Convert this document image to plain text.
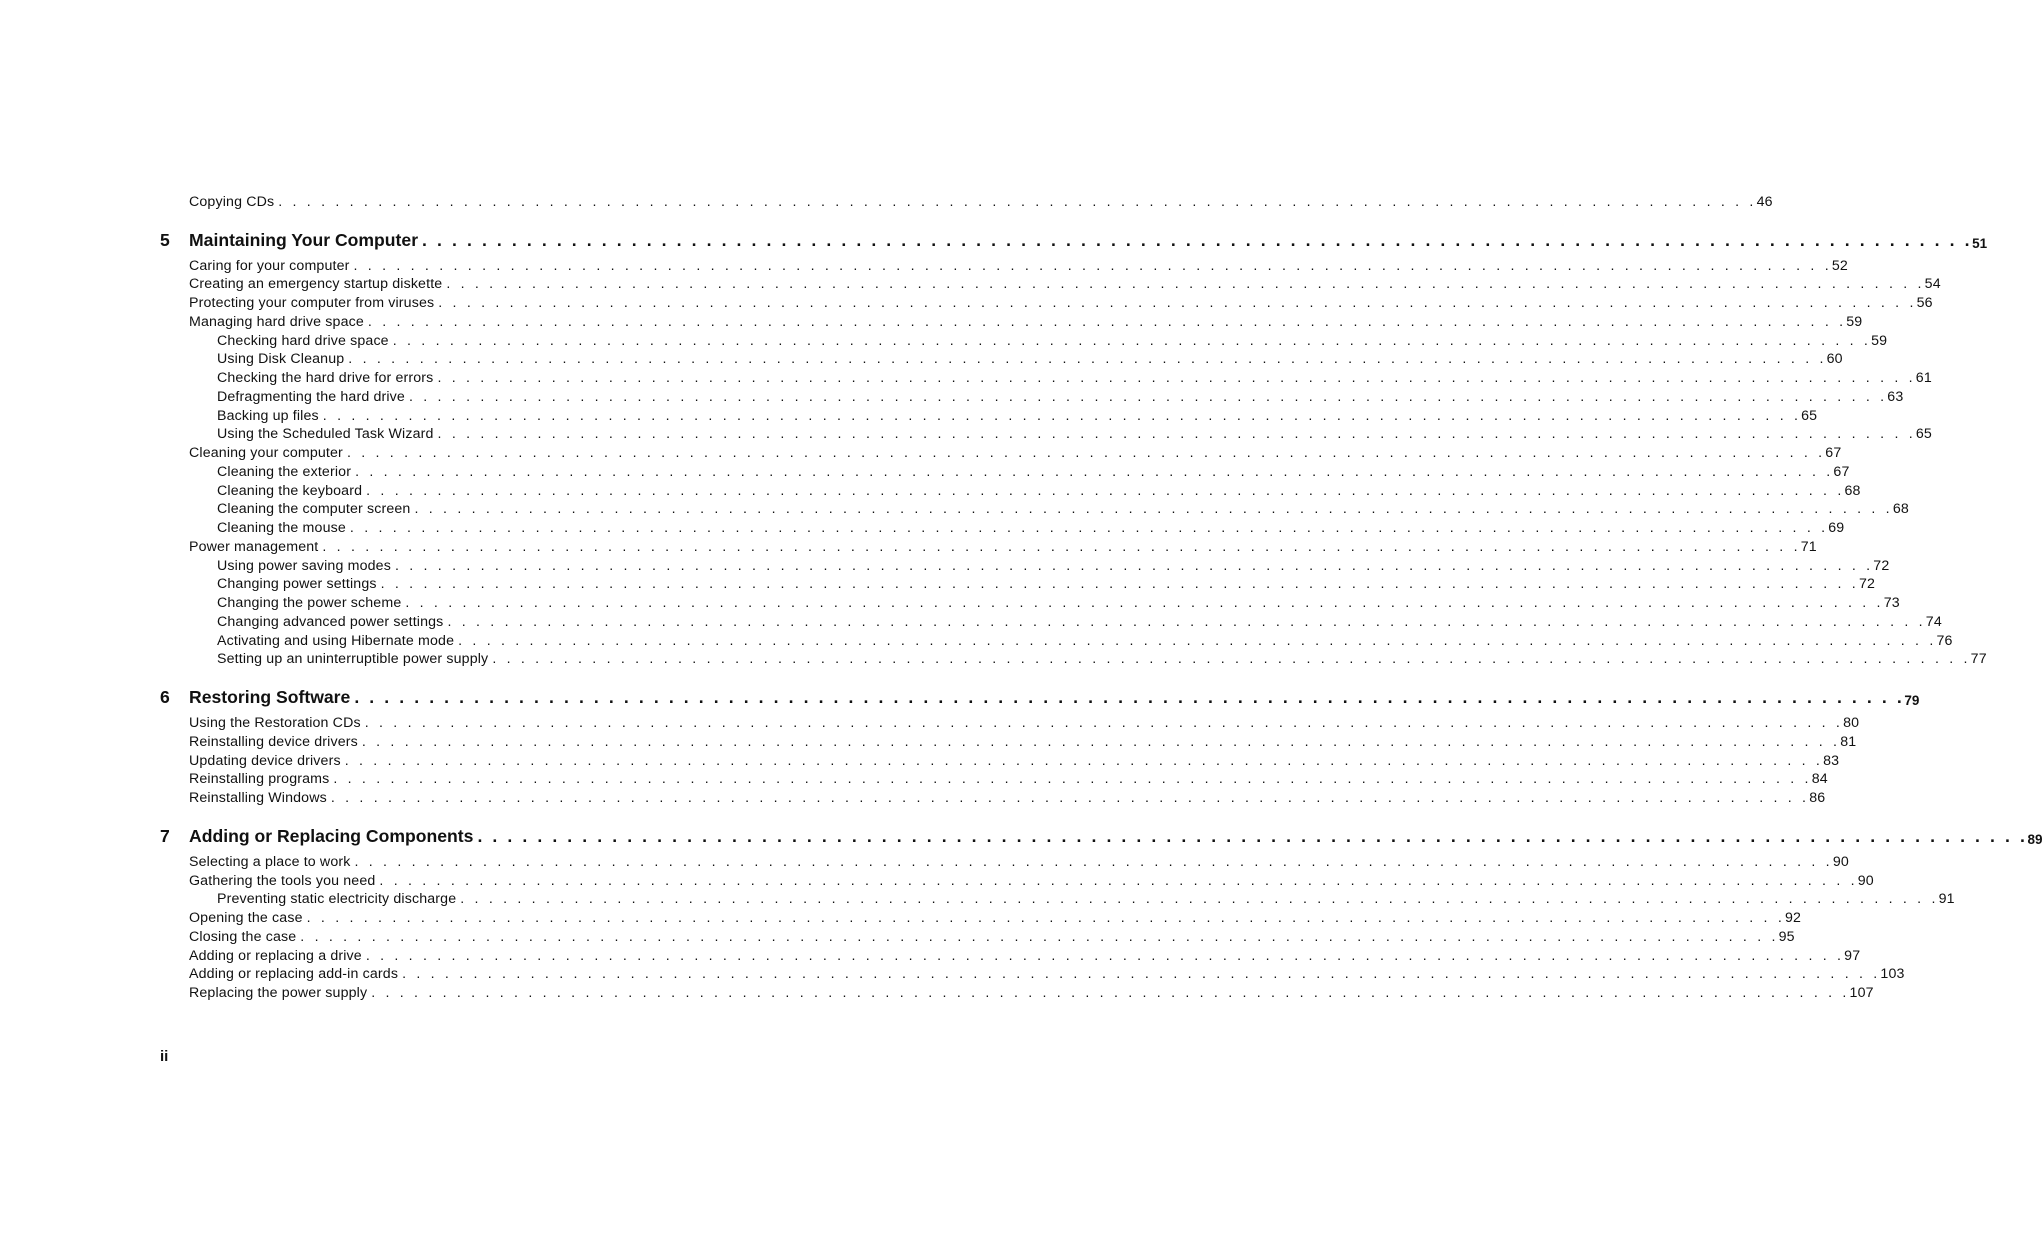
Copying CDs . . . . . . . . . . . . . . . . . . . . . . . . . . . . . . . . . . . . . . . . . . . . . . . . . . . . . . . . . . . . . . . . . . . . . . . . . . . . . . . . . . . . . . . . . . . . . . . . . . . . . . . . 46
5	Maintaining Your Computer . . . . . . . . . . . . . . . . . . . . . . . . . . . . . . . . . . . . . . . . . . . . . . . . . . . . . . . . . . . . . . . . . . . . . . . . . . . . . . . . . . . . . . . . . . . . . . . . . . . . . . . . 51
Caring for your computer . . . . . . . . . . . . . . . . . . . . . . . . . . . . . . . . . . . . . . . . . . . . . . . . . . . . . . . . . . . . . . . . . . . . . . . . . . . . . . . . . . . . . . . . . . . . . . . . . . . . . . . . 52
Creating an emergency startup diskette . . . . . . . . . . . . . . . . . . . . . . . . . . . . . . . . . . . . . . . . . . . . . . . . . . . . . . . . . . . . . . . . . . . . . . . . . . . . . . . . . . . . . . . . . . . . . . . . . . . . . . . . 54
Protecting your computer from viruses . . . . . . . . . . . . . . . . . . . . . . . . . . . . . . . . . . . . . . . . . . . . . . . . . . . . . . . . . . . . . . . . . . . . . . . . . . . . . . . . . . . . . . . . . . . . . . . . . . . . . . . . 56
Managing hard drive space . . . . . . . . . . . . . . . . . . . . . . . . . . . . . . . . . . . . . . . . . . . . . . . . . . . . . . . . . . . . . . . . . . . . . . . . . . . . . . . . . . . . . . . . . . . . . . . . . . . . . . . . 59
Checking hard drive space . . . . . . . . . . . . . . . . . . . . . . . . . . . . . . . . . . . . . . . . . . . . . . . . . . . . . . . . . . . . . . . . . . . . . . . . . . . . . . . . . . . . . . . . . . . . . . . . . . . . . . . . 59
Using Disk Cleanup . . . . . . . . . . . . . . . . . . . . . . . . . . . . . . . . . . . . . . . . . . . . . . . . . . . . . . . . . . . . . . . . . . . . . . . . . . . . . . . . . . . . . . . . . . . . . . . . . . . . . . . . 60
Checking the hard drive for errors . . . . . . . . . . . . . . . . . . . . . . . . . . . . . . . . . . . . . . . . . . . . . . . . . . . . . . . . . . . . . . . . . . . . . . . . . . . . . . . . . . . . . . . . . . . . . . . . . . . . . . . . 61
Defragmenting the hard drive . . . . . . . . . . . . . . . . . . . . . . . . . . . . . . . . . . . . . . . . . . . . . . . . . . . . . . . . . . . . . . . . . . . . . . . . . . . . . . . . . . . . . . . . . . . . . . . . . . . . . . . . 63
Backing up files . . . . . . . . . . . . . . . . . . . . . . . . . . . . . . . . . . . . . . . . . . . . . . . . . . . . . . . . . . . . . . . . . . . . . . . . . . . . . . . . . . . . . . . . . . . . . . . . . . . . . . . . 65
Using the Scheduled Task Wizard . . . . . . . . . . . . . . . . . . . . . . . . . . . . . . . . . . . . . . . . . . . . . . . . . . . . . . . . . . . . . . . . . . . . . . . . . . . . . . . . . . . . . . . . . . . . . . . . . . . . . . . . 65
Cleaning your computer . . . . . . . . . . . . . . . . . . . . . . . . . . . . . . . . . . . . . . . . . . . . . . . . . . . . . . . . . . . . . . . . . . . . . . . . . . . . . . . . . . . . . . . . . . . . . . . . . . . . . . . . 67
Cleaning the exterior . . . . . . . . . . . . . . . . . . . . . . . . . . . . . . . . . . . . . . . . . . . . . . . . . . . . . . . . . . . . . . . . . . . . . . . . . . . . . . . . . . . . . . . . . . . . . . . . . . . . . . . . 67
Cleaning the keyboard . . . . . . . . . . . . . . . . . . . . . . . . . . . . . . . . . . . . . . . . . . . . . . . . . . . . . . . . . . . . . . . . . . . . . . . . . . . . . . . . . . . . . . . . . . . . . . . . . . . . . . . . 68
Cleaning the computer screen . . . . . . . . . . . . . . . . . . . . . . . . . . . . . . . . . . . . . . . . . . . . . . . . . . . . . . . . . . . . . . . . . . . . . . . . . . . . . . . . . . . . . . . . . . . . . . . . . . . . . . . . 68
Cleaning the mouse . . . . . . . . . . . . . . . . . . . . . . . . . . . . . . . . . . . . . . . . . . . . . . . . . . . . . . . . . . . . . . . . . . . . . . . . . . . . . . . . . . . . . . . . . . . . . . . . . . . . . . . . 69
Power management . . . . . . . . . . . . . . . . . . . . . . . . . . . . . . . . . . . . . . . . . . . . . . . . . . . . . . . . . . . . . . . . . . . . . . . . . . . . . . . . . . . . . . . . . . . . . . . . . . . . . . . . 71
Using power saving modes . . . . . . . . . . . . . . . . . . . . . . . . . . . . . . . . . . . . . . . . . . . . . . . . . . . . . . . . . . . . . . . . . . . . . . . . . . . . . . . . . . . . . . . . . . . . . . . . . . . . . . . . 72
Changing power settings . . . . . . . . . . . . . . . . . . . . . . . . . . . . . . . . . . . . . . . . . . . . . . . . . . . . . . . . . . . . . . . . . . . . . . . . . . . . . . . . . . . . . . . . . . . . . . . . . . . . . . . . 72
Changing the power scheme . . . . . . . . . . . . . . . . . . . . . . . . . . . . . . . . . . . . . . . . . . . . . . . . . . . . . . . . . . . . . . . . . . . . . . . . . . . . . . . . . . . . . . . . . . . . . . . . . . . . . . . . 73
Changing advanced power settings . . . . . . . . . . . . . . . . . . . . . . . . . . . . . . . . . . . . . . . . . . . . . . . . . . . . . . . . . . . . . . . . . . . . . . . . . . . . . . . . . . . . . . . . . . . . . . . . . . . . . . . . 74
Activating and using Hibernate mode . . . . . . . . . . . . . . . . . . . . . . . . . . . . . . . . . . . . . . . . . . . . . . . . . . . . . . . . . . . . . . . . . . . . . . . . . . . . . . . . . . . . . . . . . . . . . . . . . . . . . . . . 76
Setting up an uninterruptible power supply . . . . . . . . . . . . . . . . . . . . . . . . . . . . . . . . . . . . . . . . . . . . . . . . . . . . . . . . . . . . . . . . . . . . . . . . . . . . . . . . . . . . . . . . . . . . . . . . . . . . . . . . 77
6	Restoring Software . . . . . . . . . . . . . . . . . . . . . . . . . . . . . . . . . . . . . . . . . . . . . . . . . . . . . . . . . . . . . . . . . . . . . . . . . . . . . . . . . . . . . . . . . . . . . . . . . . . . . . . . 79
Using the Restoration CDs . . . . . . . . . . . . . . . . . . . . . . . . . . . . . . . . . . . . . . . . . . . . . . . . . . . . . . . . . . . . . . . . . . . . . . . . . . . . . . . . . . . . . . . . . . . . . . . . . . . . . . . . 80
Reinstalling device drivers . . . . . . . . . . . . . . . . . . . . . . . . . . . . . . . . . . . . . . . . . . . . . . . . . . . . . . . . . . . . . . . . . . . . . . . . . . . . . . . . . . . . . . . . . . . . . . . . . . . . . . . . 81
Updating device drivers . . . . . . . . . . . . . . . . . . . . . . . . . . . . . . . . . . . . . . . . . . . . . . . . . . . . . . . . . . . . . . . . . . . . . . . . . . . . . . . . . . . . . . . . . . . . . . . . . . . . . . . . 83
Reinstalling programs . . . . . . . . . . . . . . . . . . . . . . . . . . . . . . . . . . . . . . . . . . . . . . . . . . . . . . . . . . . . . . . . . . . . . . . . . . . . . . . . . . . . . . . . . . . . . . . . . . . . . . . . 84
Reinstalling Windows . . . . . . . . . . . . . . . . . . . . . . . . . . . . . . . . . . . . . . . . . . . . . . . . . . . . . . . . . . . . . . . . . . . . . . . . . . . . . . . . . . . . . . . . . . . . . . . . . . . . . . . . 86
7	Adding or Replacing Components . . . . . . . . . . . . . . . . . . . . . . . . . . . . . . . . . . . . . . . . . . . . . . . . . . . . . . . . . . . . . . . . . . . . . . . . . . . . . . . . . . . . . . . . . . . . . . . . . . . . . . . . 89
Selecting a place to work . . . . . . . . . . . . . . . . . . . . . . . . . . . . . . . . . . . . . . . . . . . . . . . . . . . . . . . . . . . . . . . . . . . . . . . . . . . . . . . . . . . . . . . . . . . . . . . . . . . . . . . . 90
Gathering the tools you need . . . . . . . . . . . . . . . . . . . . . . . . . . . . . . . . . . . . . . . . . . . . . . . . . . . . . . . . . . . . . . . . . . . . . . . . . . . . . . . . . . . . . . . . . . . . . . . . . . . . . . . . 90
Preventing static electricity discharge . . . . . . . . . . . . . . . . . . . . . . . . . . . . . . . . . . . . . . . . . . . . . . . . . . . . . . . . . . . . . . . . . . . . . . . . . . . . . . . . . . . . . . . . . . . . . . . . . . . . . . . . 91
Opening the case . . . . . . . . . . . . . . . . . . . . . . . . . . . . . . . . . . . . . . . . . . . . . . . . . . . . . . . . . . . . . . . . . . . . . . . . . . . . . . . . . . . . . . . . . . . . . . . . . . . . . . . . 92
Closing the case . . . . . . . . . . . . . . . . . . . . . . . . . . . . . . . . . . . . . . . . . . . . . . . . . . . . . . . . . . . . . . . . . . . . . . . . . . . . . . . . . . . . . . . . . . . . . . . . . . . . . . . . 95
Adding or replacing a drive . . . . . . . . . . . . . . . . . . . . . . . . . . . . . . . . . . . . . . . . . . . . . . . . . . . . . . . . . . . . . . . . . . . . . . . . . . . . . . . . . . . . . . . . . . . . . . . . . . . . . . . . 97
Adding or replacing add-in cards . . . . . . . . . . . . . . . . . . . . . . . . . . . . . . . . . . . . . . . . . . . . . . . . . . . . . . . . . . . . . . . . . . . . . . . . . . . . . . . . . . . . . . . . . . . . . . . . . . . . . . . . 103
Replacing the power supply . . . . . . . . . . . . . . . . . . . . . . . . . . . . . . . . . . . . . . . . . . . . . . . . . . . . . . . . . . . . . . . . . . . . . . . . . . . . . . . . . . . . . . . . . . . . . . . . . . . . . . . . 107
ii
